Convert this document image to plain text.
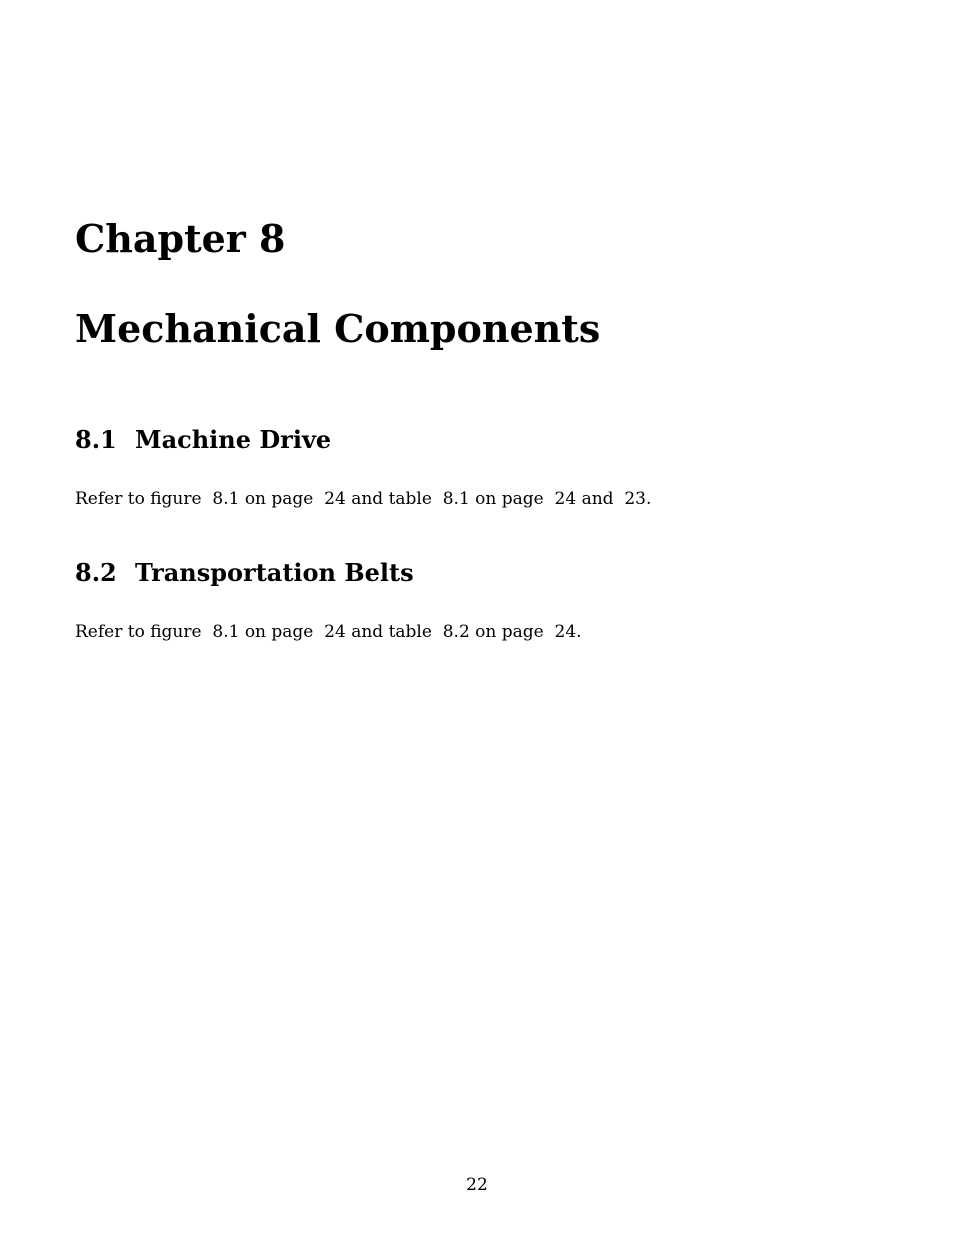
Chapter 8
Mechanical Components
8.1 Machine Drive
Refer to figure  8.1 on page  24 and table  8.1 on page  24 and  23.
8.2 Transportation Belts
Refer to figure  8.1 on page  24 and table  8.2 on page  24.
22
